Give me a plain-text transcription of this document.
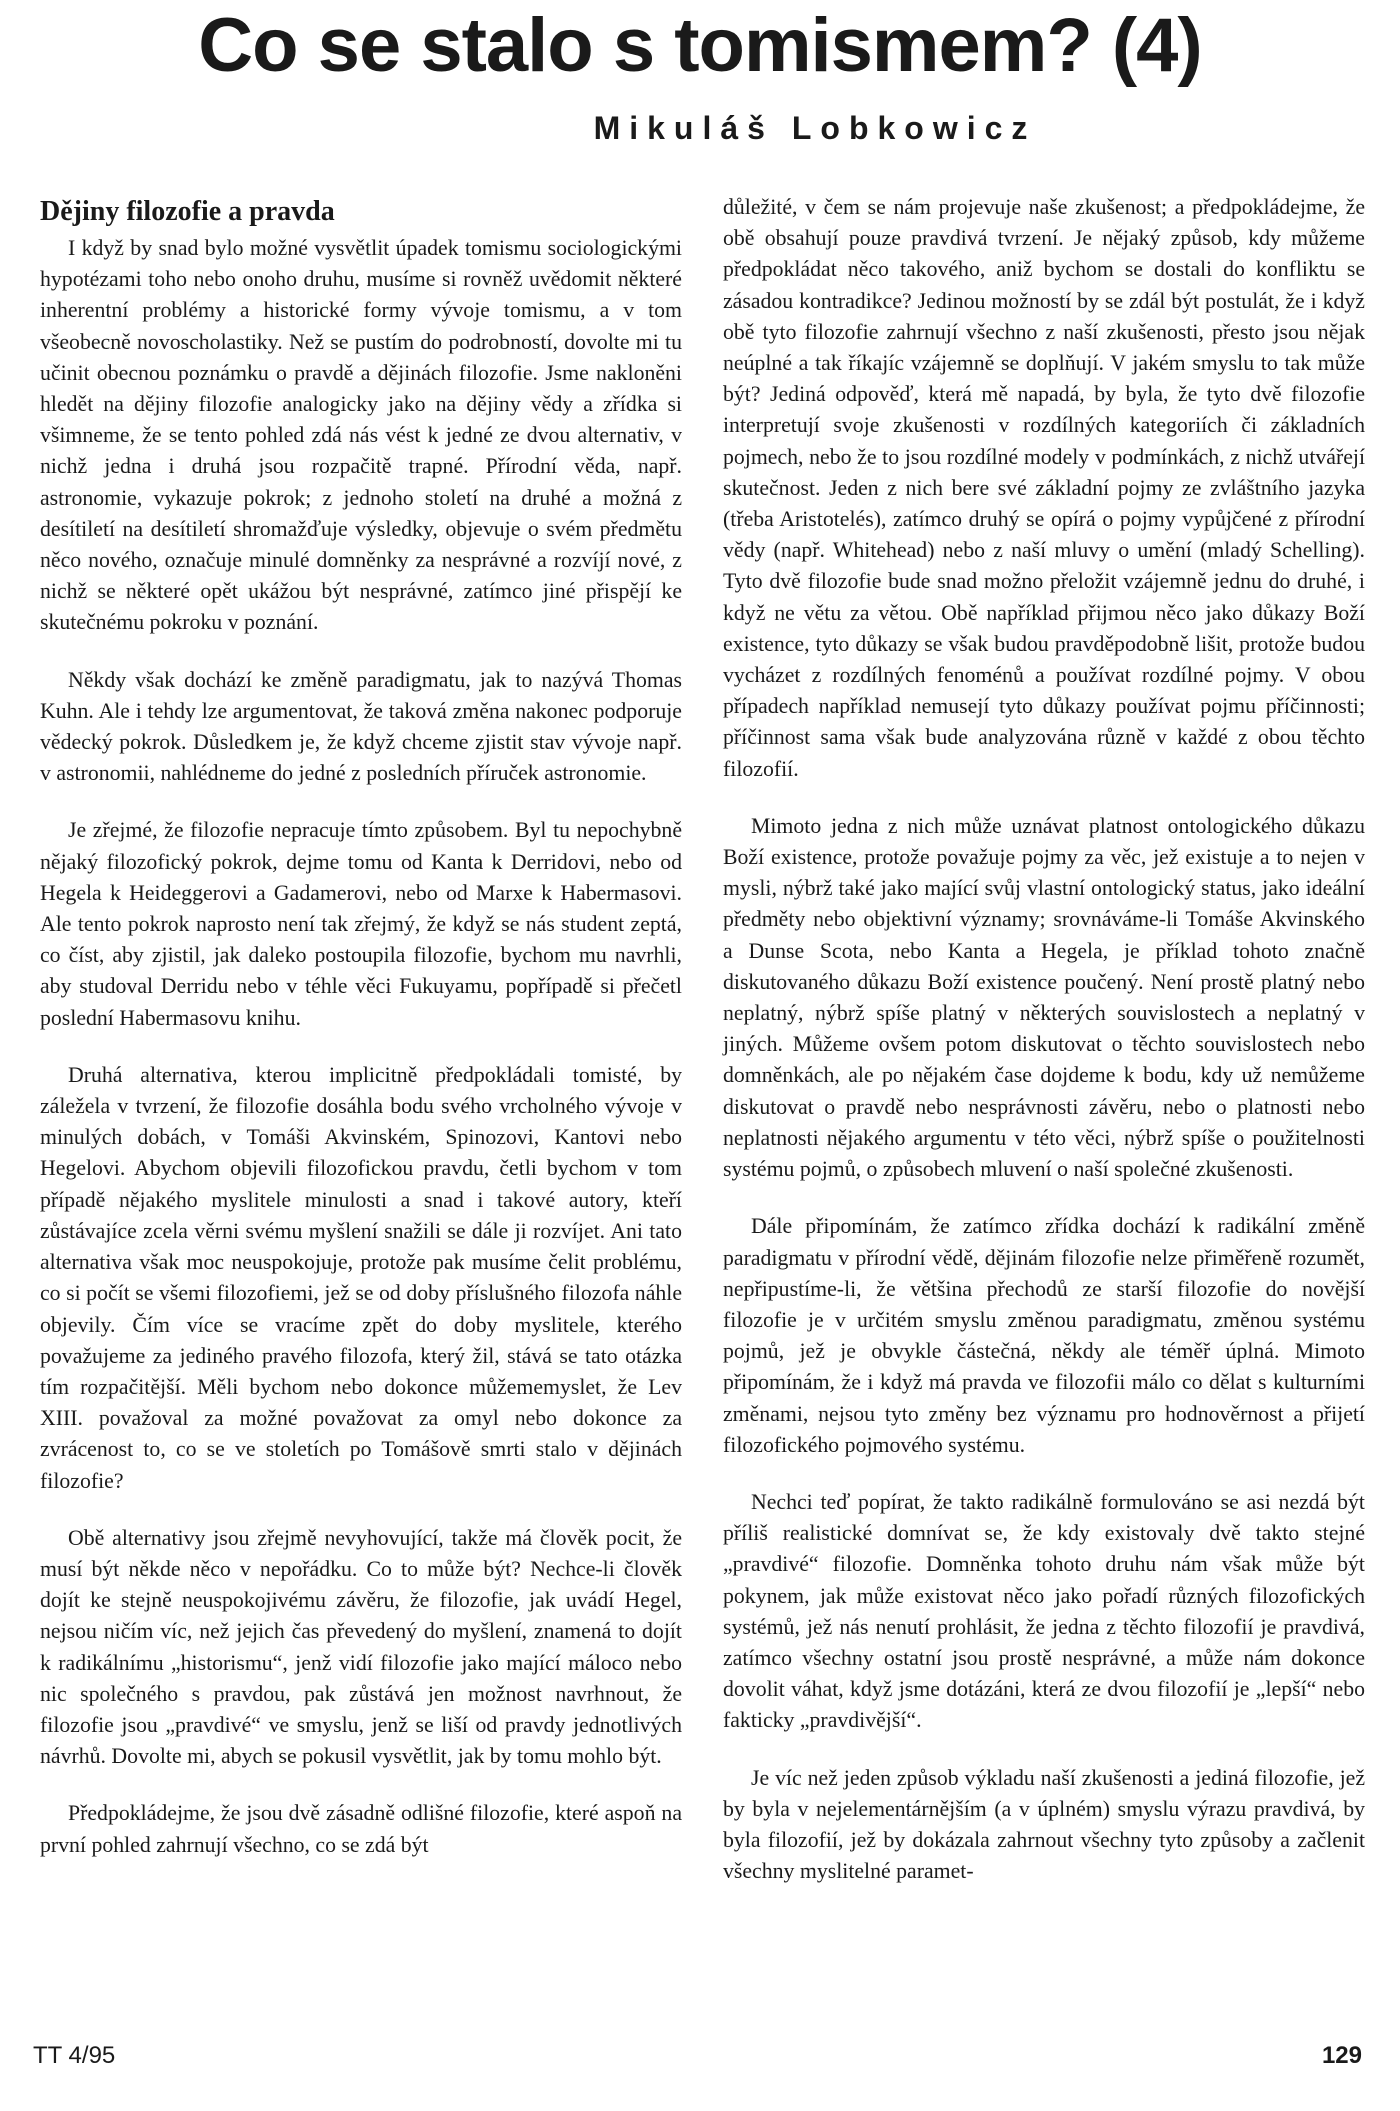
Co se stalo s tomismem? (4)
Mikuláš Lobkowicz
Dějiny filozofie a pravda

I když by snad bylo možné vysvětlit úpadek tomismu sociologickými hypotézami toho nebo onoho druhu, musíme si rovněž uvědomit některé inherentní problémy a historické formy vývoje tomismu, a v tom všeobecně novoscholastiky. Než se pustím do podrobností, dovolte mi tu učinit obecnou poznámku o pravdě a dějinách filozofie. Jsme nakloněni hledět na dějiny filozofie analogicky jako na dějiny vědy a zřídka si všimneme, že se tento pohled zdá nás vést k jedné ze dvou alternativ, v nichž jedna i druhá jsou rozpačitě trapné. Přírodní věda, např. astronomie, vykazuje pokrok; z jednoho století na druhé a možná z desítiletí na desítiletí shromažďuje výsledky, objevuje o svém předmětu něco nového, označuje minulé domněnky za nesprávné a rozvíjí nové, z nichž se některé opět ukážou být nesprávné, zatímco jiné přispějí ke skutečnému pokroku v poznání.

Někdy však dochází ke změně paradigmatu, jak to nazývá Thomas Kuhn. Ale i tehdy lze argumentovat, že taková změna nakonec podporuje vědecký pokrok. Důsledkem je, že když chceme zjistit stav vývoje např. v astronomii, nahlédneme do jedné z posledních příruček astronomie.

Je zřejmé, že filozofie nepracuje tímto způsobem. Byl tu nepochybně nějaký filozofický pokrok, dejme tomu od Kanta k Derridovi, nebo od Hegela k Heideggerovi a Gadamerovi, nebo od Marxe k Habermasovi. Ale tento pokrok naprosto není tak zřejmý, že když se nás student zeptá, co číst, aby zjistil, jak daleko postoupila filozofie, bychom mu navrhli, aby studoval Derridu nebo v téhle věci Fukuyamu, popřípadě si přečetl poslední Habermasovu knihu.

Druhá alternativa, kterou implicitně předpokládali tomisté, by záležela v tvrzení, že filozofie dosáhla bodu svého vrcholného vývoje v minulých dobách, v Tomáši Akvinském, Spinozovi, Kantovi nebo Hegelovi. Abychom objevili filozofickou pravdu, četli bychom v tom případě nějakého myslitele minulosti a snad i takové autory, kteří zůstávajíce zcela věrni svému myšlení snažili se dále ji rozvíjet. Ani tato alternativa však moc neuspokojuje, protože pak musíme čelit problému, co si počít se všemi filozofiemi, jež se od doby příslušného filozofa náhle objevily. Čím více se vracíme zpět do doby myslitele, kterého považujeme za jediného pravého filozofa, který žil, stává se tato otázka tím rozpačitější. Měli bychom nebo dokonce můžememyslet, že Lev XIII. považoval za možné považovat za omyl nebo dokonce za zvrácenost to, co se ve stoletích po Tomášově smrti stalo v dějinách filozofie?

Obě alternativy jsou zřejmě nevyhovující, takže má člověk pocit, že musí být někde něco v nepořádku. Co to může být? Nechce-li člověk dojít ke stejně neuspokojivému závěru, že filozofie, jak uvádí Hegel, nejsou ničím víc, než jejich čas převedený do myšlení, znamená to dojít k radikálnímu „historismu“, jenž vidí filozofie jako mající máloco nebo nic společného s pravdou, pak zůstává jen možnost navrhnout, že filozofie jsou „pravdivé“ ve smyslu, jenž se liší od pravdy jednotlivých návrhů. Dovolte mi, abych se pokusil vysvětlit, jak by tomu mohlo být.

Předpokládejme, že jsou dvě zásadně odlišné filozofie, které aspoň na první pohled zahrnují všechno, co se zdá být

důležité, v čem se nám projevuje naše zkušenost; a předpokládejme, že obě obsahují pouze pravdivá tvrzení. Je nějaký způsob, kdy můžeme předpokládat něco takového, aniž bychom se dostali do konfliktu se zásadou kontradikce? Jedinou možností by se zdál být postulát, že i když obě tyto filozofie zahrnují všechno z naší zkušenosti, přesto jsou nějak neúplné a tak říkajíc vzájemně se doplňují. V jakém smyslu to tak může být? Jediná odpověď, která mě napadá, by byla, že tyto dvě filozofie interpretují svoje zkušenosti v rozdílných kategoriích či základních pojmech, nebo že to jsou rozdílné modely v podmínkách, z nichž utvářejí skutečnost. Jeden z nich bere své základní pojmy ze zvláštního jazyka (třeba Aristotelés), zatímco druhý se opírá o pojmy vypůjčené z přírodní vědy (např. Whitehead) nebo z naší mluvy o umění (mladý Schelling). Tyto dvě filozofie bude snad možno přeložit vzájemně jednu do druhé, i když ne větu za větou. Obě například přijmou něco jako důkazy Boží existence, tyto důkazy se však budou pravděpodobně lišit, protože budou vycházet z rozdílných fenoménů a používat rozdílné pojmy. V obou případech například nemusejí tyto důkazy používat pojmu příčinnosti; příčinnost sama však bude analyzována různě v každé z obou těchto filozofií.

Mimoto jedna z nich může uznávat platnost ontologického důkazu Boží existence, protože považuje pojmy za věc, jež existuje a to nejen v mysli, nýbrž také jako mající svůj vlastní ontologický status, jako ideální předměty nebo objektivní významy; srovnáváme-li Tomáše Akvinského a Dunse Scota, nebo Kanta a Hegela, je příklad tohoto značně diskutovaného důkazu Boží existence poučený. Není prostě platný nebo neplatný, nýbrž spíše platný v některých souvislostech a neplatný v jiných. Můžeme ovšem potom diskutovat o těchto souvislostech nebo domněnkách, ale po nějakém čase dojdeme k bodu, kdy už nemůžeme diskutovat o pravdě nebo nesprávnosti závěru, nebo o platnosti nebo neplatnosti nějakého argumentu v této věci, nýbrž spíše o použitelnosti systému pojmů, o způsobech mluvení o naší společné zkušenosti.

Dále připomínám, že zatímco zřídka dochází k radikální změně paradigmatu v přírodní vědě, dějinám filozofie nelze přiměřeně rozumět, nepřipustíme-li, že většina přechodů ze starší filozofie do novější filozofie je v určitém smyslu změnou paradigmatu, změnou systému pojmů, jež je obvykle částečná, někdy ale téměř úplná. Mimoto připomínám, že i když má pravda ve filozofii málo co dělat s kulturními změnami, nejsou tyto změny bez významu pro hodnověrnost a přijetí filozofického pojmového systému.

Nechci teď popírat, že takto radikálně formulováno se asi nezdá být příliš realistické domnívat se, že kdy existovaly dvě takto stejné „pravdivé“ filozofie. Domněnka tohoto druhu nám však může být pokynem, jak může existovat něco jako pořadí různých filozofických systémů, jež nás nenutí prohlásit, že jedna z těchto filozofií je pravdivá, zatímco všechny ostatní jsou prostě nesprávné, a může nám dokonce dovolit váhat, když jsme dotázáni, která ze dvou filozofií je „lepší“ nebo fakticky „pravdivější“.

Je víc než jeden způsob výkladu naší zkušenosti a jediná filozofie, jež by byla v nejelementárnějším (a v úplném) smyslu výrazu pravdivá, by byla filozofií, jež by dokázala zahrnout všechny tyto způsoby a začlenit všechny myslitelné paramet-

TT 4/95	129
